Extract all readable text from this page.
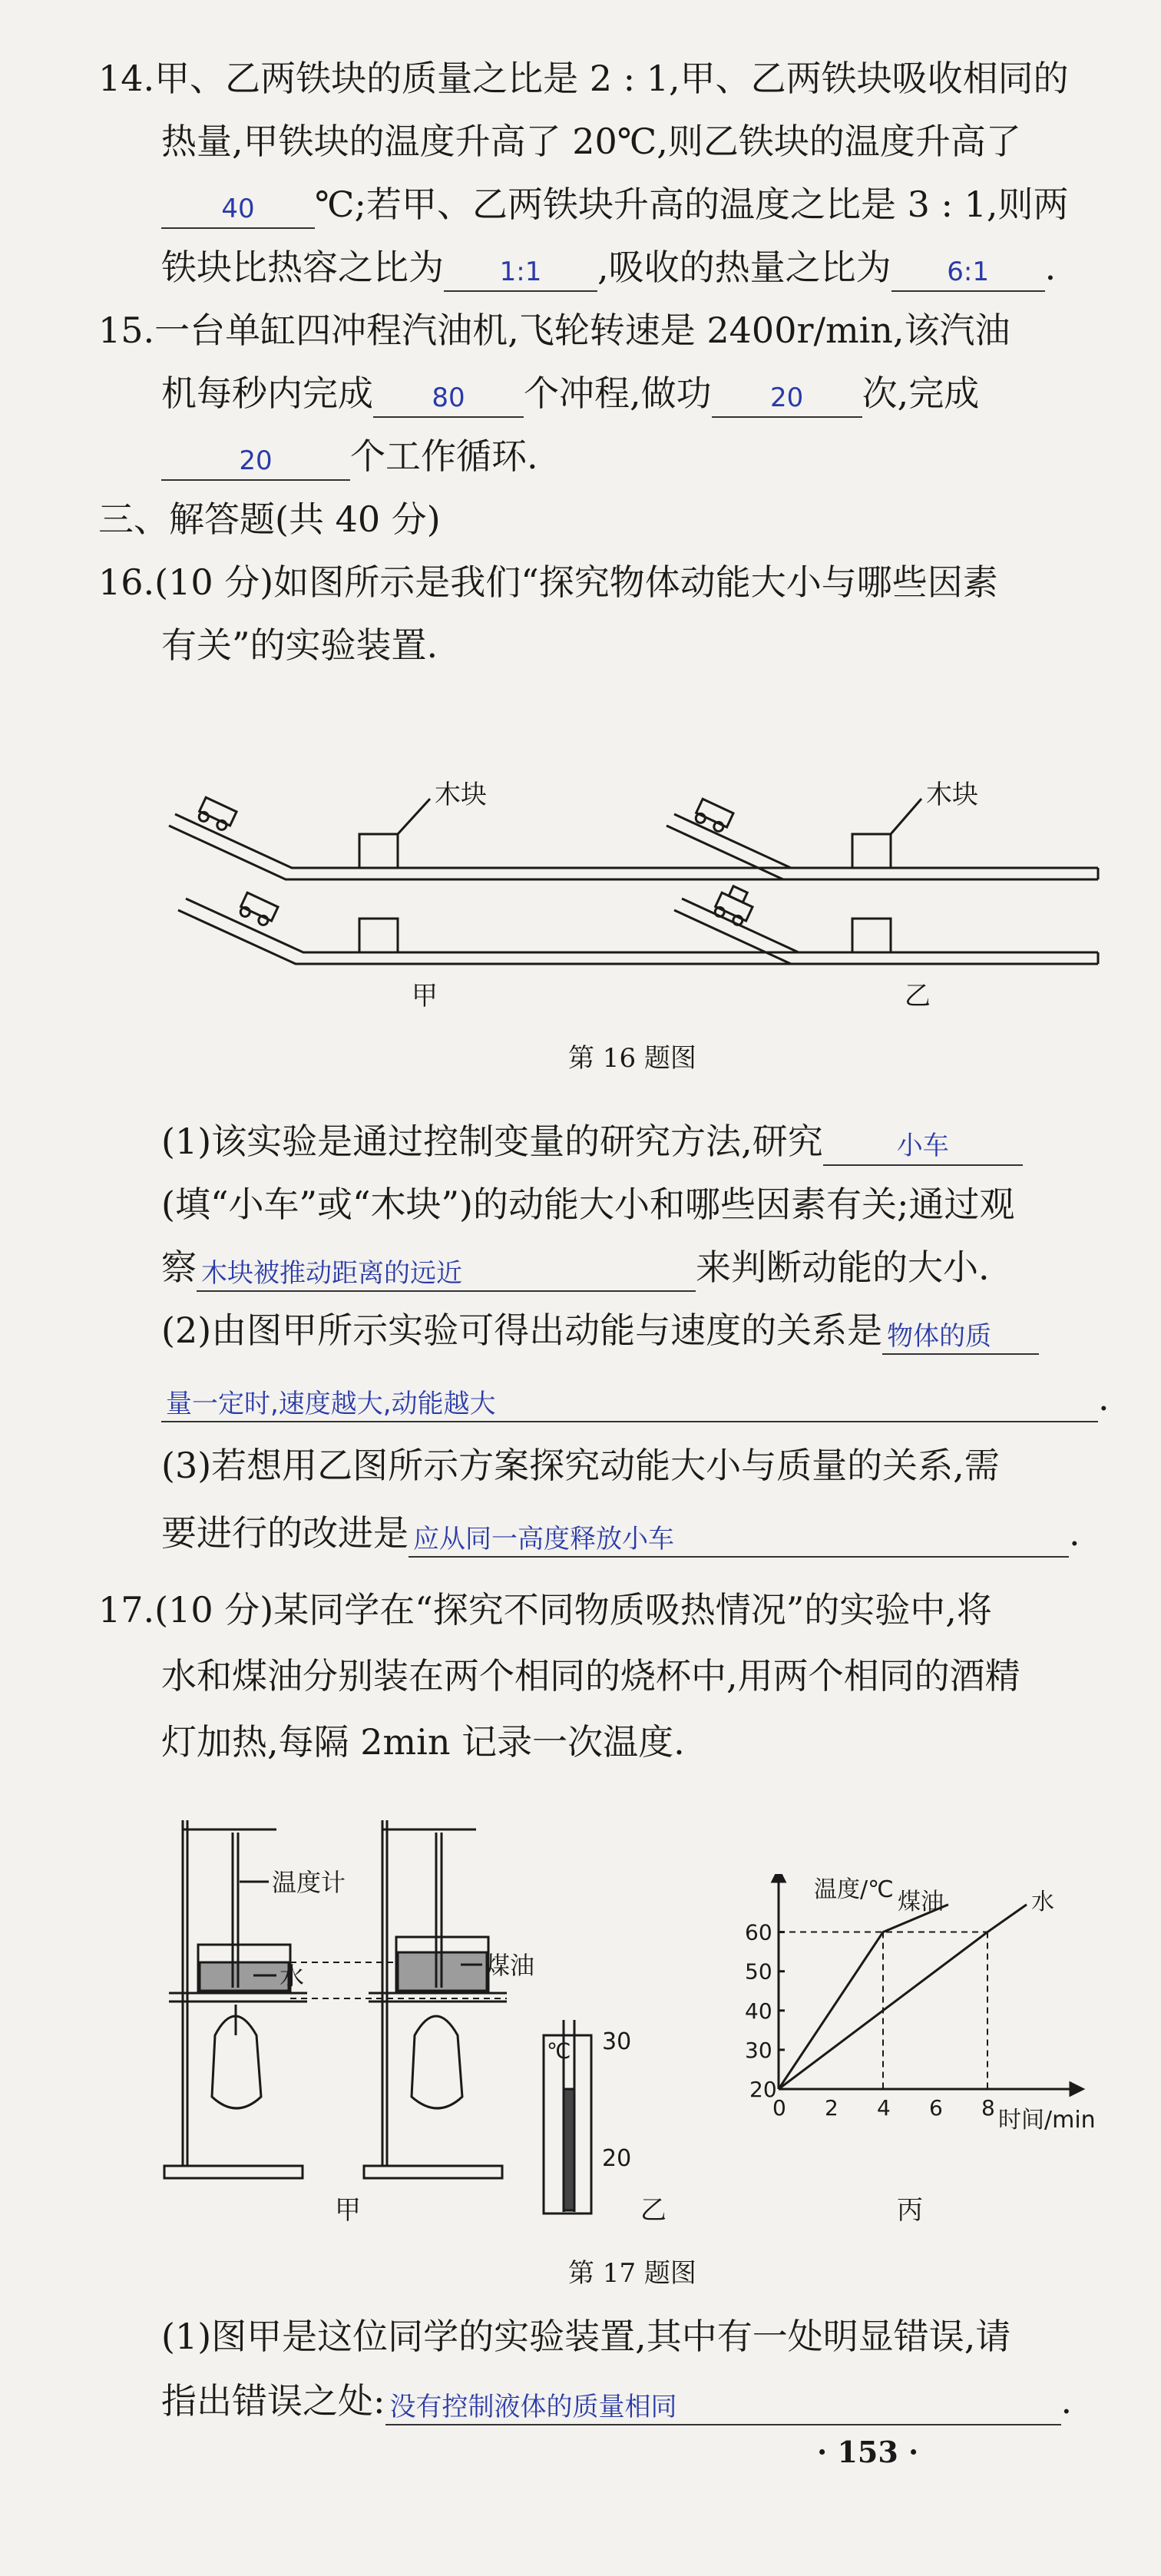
14.甲、乙两铁块的质量之比是 2 : 1,甲、乙两铁块吸收相同的
热量,甲铁块的温度升高了 20℃,则乙铁块的温度升高了
40 ℃;若甲、乙两铁块升高的温度之比是 3 : 1,则两
铁块比热容之比为 1:1 ,吸收的热量之比为 6:1 .
15.一台单缸四冲程汽油机,飞轮转速是 2400r/min,该汽油
机每秒内完成 80 个冲程,做功 20 次,完成
20 个工作循环.
三、解答题(共 40 分)
16.(10 分)如图所示是我们“探究物体动能大小与哪些因素
有关”的实验装置.
木块	木块
甲	乙
第 16 题图
(1)该实验是通过控制变量的研究方法,研究	小车
(填“小车”或“木块”)的动能大小和哪些因素有关;通过观
察 木块被推动距离的远近	来判断动能的大小.
(2)由图甲所示实验可得出动能与速度的关系是 物体的质
量一定时,速度越大,动能越大	.
(3)若想用乙图所示方案探究动能大小与质量的关系,需
要进行的改进是 应从同一高度释放小车	.
17.(10 分)某同学在“探究不同物质吸热情况”的实验中,将
水和煤油分别装在两个相同的烧杯中,用两个相同的酒精
灯加热,每隔 2min 记录一次温度.
温度计
水	煤油
℃ 30
20
0 2 4 6 8
20
30
40
50
60
煤油	水
温度/℃
时间/min
甲	乙	丙
第 17 题图
(1)图甲是这位同学的实验装置,其中有一处明显错误,请
指出错误之处: 没有控制液体的质量相同	.
· 153 ·
